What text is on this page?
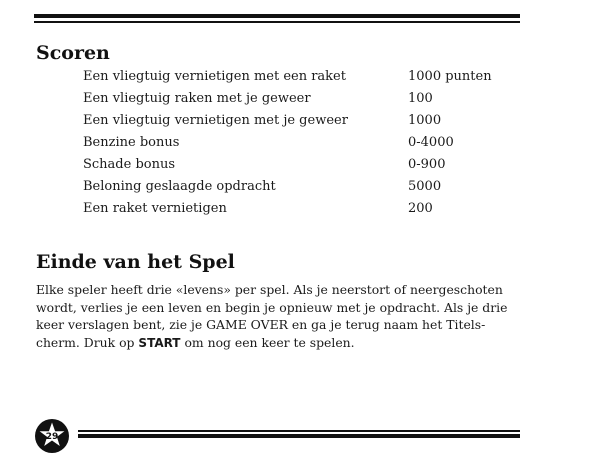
Scoren
Een vliegtuig vernietigen met een raket	1000 punten
Een vliegtuig raken met je geweer	100
Een vliegtuig vernietigen met je geweer	1000
Benzine bonus	0-4000
Schade bonus	0-900
Beloning geslaagde opdracht	5000
Een raket vernietigen	200
Einde van het Spel
Elke speler heeft drie «levens» per spel. Als je neerstort of neergeschoten
wordt, verlies je een leven en begin je opnieuw met je opdracht. Als je drie
keer verslagen bent, zie je GAME OVER en ga je terug naam het Titels-
cherm. Druk op START om nog een keer te spelen.
29
